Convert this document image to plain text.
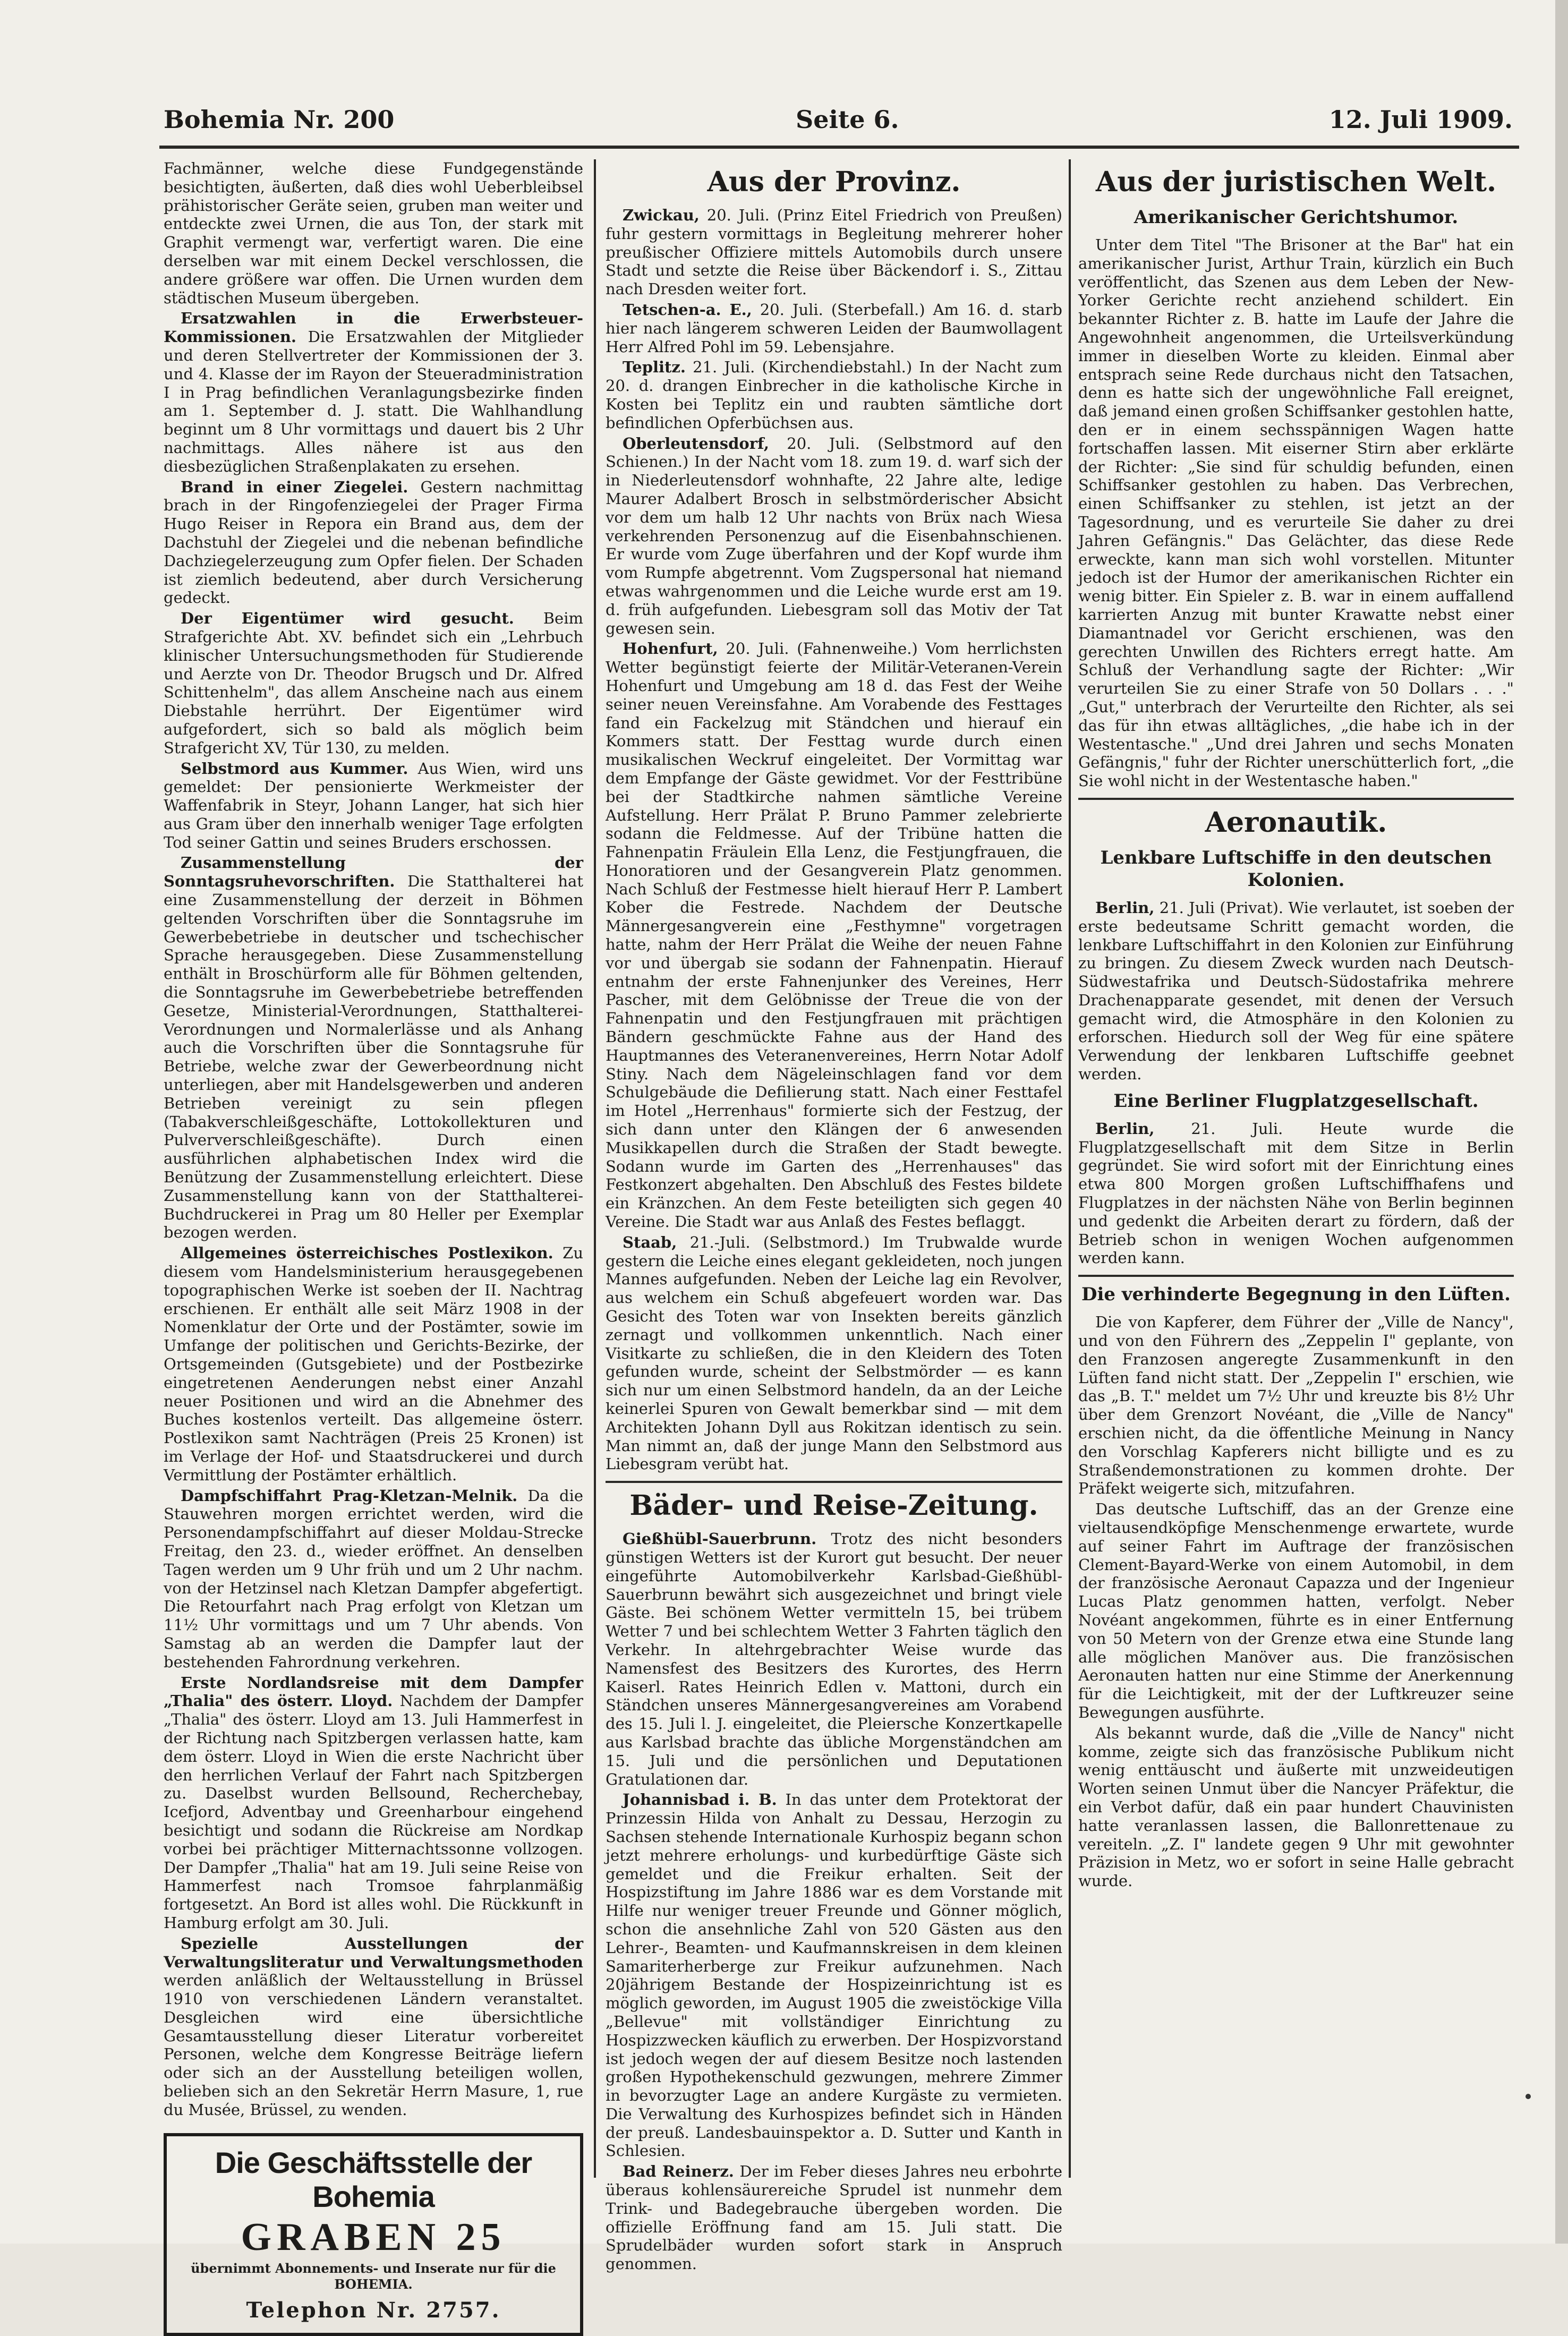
Bohemia Nr. 200	Seite 6.	12. Juli 1909.

Fachmänner, welche diese Fundgegenstände besichtigten, äußerten, daß dies wohl Ueberbleibsel prähistorischer Geräte seien, gruben man weiter und entdeckte zwei Urnen, die aus Ton, der stark mit Graphit vermengt war, verfertigt waren. Die eine derselben war mit einem Deckel verschlossen, die andere größere war offen. Die Urnen wurden dem städtischen Museum übergeben.

Ersatzwahlen in die Erwerbsteuer-Kommissionen. Die Ersatzwahlen der Mitglieder und deren Stellvertreter der Kommissionen der 3. und 4. Klasse der im Rayon der Steueradministration I in Prag befindlichen Veranlagungsbezirke finden am 1. September d. J. statt. Die Wahlhandlung beginnt um 8 Uhr vormittags und dauert bis 2 Uhr nachmittags. Alles nähere ist aus den diesbezüglichen Straßenplakaten zu ersehen.

Brand in einer Ziegelei. Gestern nachmittag brach in der Ringofenziegelei der Prager Firma Hugo Reiser in Repora ein Brand aus, dem der Dachstuhl der Ziegelei und die nebenan befindliche Dachziegelerzeugung zum Opfer fielen. Der Schaden ist ziemlich bedeutend, aber durch Versicherung gedeckt.

Der Eigentümer wird gesucht. Beim Strafgerichte Abt. XV. befindet sich ein „Lehrbuch klinischer Untersuchungsmethoden für Studierende und Aerzte von Dr. Theodor Brugsch und Dr. Alfred Schittenhelm", das allem Anscheine nach aus einem Diebstahle herrührt. Der Eigentümer wird aufgefordert, sich so bald als möglich beim Strafgericht XV, Tür 130, zu melden.

Selbstmord aus Kummer. Aus Wien, wird uns gemeldet: Der pensionierte Werkmeister der Waffenfabrik in Steyr, Johann Langer, hat sich hier aus Gram über den innerhalb weniger Tage erfolgten Tod seiner Gattin und seines Bruders erschossen.

Zusammenstellung der Sonntagsruhevorschriften. Die Statthalterei hat eine Zusammenstellung der derzeit in Böhmen geltenden Vorschriften über die Sonntagsruhe im Gewerbebetriebe in deutscher und tschechischer Sprache herausgegeben. Diese Zusammenstellung enthält in Broschürform alle für Böhmen geltenden, die Sonntagsruhe im Gewerbebetriebe betreffenden Gesetze, Ministerial-Verordnungen, Statthalterei-Verordnungen und Normalerlässe und als Anhang auch die Vorschriften über die Sonntagsruhe für Betriebe, welche zwar der Gewerbeordnung nicht unterliegen, aber mit Handelsgewerben und anderen Betrieben vereinigt zu sein pflegen (Tabakverschleißgeschäfte, Lottokollekturen und Pulververschleißgeschäfte). Durch einen ausführlichen alphabetischen Index wird die Benützung der Zusammenstellung erleichtert. Diese Zusammenstellung kann von der Statthalterei-Buchdruckerei in Prag um 80 Heller per Exemplar bezogen werden.

Allgemeines österreichisches Postlexikon. Zu diesem vom Handelsministerium herausgegebenen topographischen Werke ist soeben der II. Nachtrag erschienen. Er enthält alle seit März 1908 in der Nomenklatur der Orte und der Postämter, sowie im Umfange der politischen und Gerichts-Bezirke, der Ortsgemeinden (Gutsgebiete) und der Postbezirke eingetretenen Aenderungen nebst einer Anzahl neuer Positionen und wird an die Abnehmer des Buches kostenlos verteilt. Das allgemeine österr. Postlexikon samt Nachträgen (Preis 25 Kronen) ist im Verlage der Hof- und Staatsdruckerei und durch Vermittlung der Postämter erhältlich.

Dampfschiffahrt Prag-Kletzan-Melnik. Da die Stauwehren morgen errichtet werden, wird die Personendampfschiffahrt auf dieser Moldau-Strecke Freitag, den 23. d., wieder eröffnet. An denselben Tagen werden um 9 Uhr früh und um 2 Uhr nachm. von der Hetzinsel nach Kletzan Dampfer abgefertigt. Die Retourfahrt nach Prag erfolgt von Kletzan um 11½ Uhr vormittags und um 7 Uhr abends. Von Samstag ab an werden die Dampfer laut der bestehenden Fahrordnung verkehren.

Erste Nordlandsreise mit dem Dampfer „Thalia" des österr. Lloyd. Nachdem der Dampfer „Thalia" des österr. Lloyd am 13. Juli Hammerfest in der Richtung nach Spitzbergen verlassen hatte, kam dem österr. Lloyd in Wien die erste Nachricht über den herrlichen Verlauf der Fahrt nach Spitzbergen zu. Daselbst wurden Bellsound, Recherchebay, Icefjord, Adventbay und Greenharbour eingehend besichtigt und sodann die Rückreise am Nordkap vorbei bei prächtiger Mitternachtssonne vollzogen. Der Dampfer „Thalia" hat am 19. Juli seine Reise von Hammerfest nach Tromsoe fahrplanmäßig fortgesetzt. An Bord ist alles wohl. Die Rückkunft in Hamburg erfolgt am 30. Juli.

Spezielle Ausstellungen der Verwaltungsliteratur und Verwaltungsmethoden werden anläßlich der Weltausstellung in Brüssel 1910 von verschiedenen Ländern veranstaltet. Desgleichen wird eine übersichtliche Gesamtausstellung dieser Literatur vorbereitet Personen, welche dem Kongresse Beiträge liefern oder sich an der Ausstellung beteiligen wollen, belieben sich an den Sekretär Herrn Masure, 1, rue du Musée, Brüssel, zu wenden.

Die Geschäftsstelle der Bohemia
GRABEN 25
übernimmt Abonnements- und Inserate nur für die BOHEMIA.
Telephon Nr. 2757.
Aus der Provinz.

Zwickau, 20. Juli. (Prinz Eitel Friedrich von Preußen) fuhr gestern vormittags in Begleitung mehrerer hoher preußischer Offiziere mittels Automobils durch unsere Stadt und setzte die Reise über Bäckendorf i. S., Zittau nach Dresden weiter fort.

Tetschen-a. E., 20. Juli. (Sterbefall.) Am 16. d. starb hier nach längerem schweren Leiden der Baumwollagent Herr Alfred Pohl im 59. Lebensjahre.

Teplitz. 21. Juli. (Kirchendiebstahl.) In der Nacht zum 20. d. drangen Einbrecher in die katholische Kirche in Kosten bei Teplitz ein und raubten sämtliche dort befindlichen Opferbüchsen aus.

Oberleutensdorf, 20. Juli. (Selbstmord auf den Schienen.) In der Nacht vom 18. zum 19. d. warf sich der in Niederleutensdorf wohnhafte, 22 Jahre alte, ledige Maurer Adalbert Brosch in selbstmörderischer Absicht vor dem um halb 12 Uhr nachts von Brüx nach Wiesa verkehrenden Personenzug auf die Eisenbahnschienen. Er wurde vom Zuge überfahren und der Kopf wurde ihm vom Rumpfe abgetrennt. Vom Zugspersonal hat niemand etwas wahrgenommen und die Leiche wurde erst am 19. d. früh aufgefunden. Liebesgram soll das Motiv der Tat gewesen sein.

Hohenfurt, 20. Juli. (Fahnenweihe.) Vom herrlichsten Wetter begünstigt feierte der Militär-Veteranen-Verein Hohenfurt und Umgebung am 18 d. das Fest der Weihe seiner neuen Vereinsfahne. Am Vorabende des Festtages fand ein Fackelzug mit Ständchen und hierauf ein Kommers statt. Der Festtag wurde durch einen musikalischen Weckruf eingeleitet. Der Vormittag war dem Empfange der Gäste gewidmet. Vor der Festtribüne bei der Stadtkirche nahmen sämtliche Vereine Aufstellung. Herr Prälat P. Bruno Pammer zelebrierte sodann die Feldmesse. Auf der Tribüne hatten die Fahnenpatin Fräulein Ella Lenz, die Festjungfrauen, die Honoratioren und der Gesangverein Platz genommen. Nach Schluß der Festmesse hielt hierauf Herr P. Lambert Kober die Festrede. Nachdem der Deutsche Männergesangverein eine „Festhymne" vorgetragen hatte, nahm der Herr Prälat die Weihe der neuen Fahne vor und übergab sie sodann der Fahnenpatin. Hierauf entnahm der erste Fahnenjunker des Vereines, Herr Pascher, mit dem Gelöbnisse der Treue die von der Fahnenpatin und den Festjungfrauen mit prächtigen Bändern geschmückte Fahne aus der Hand des Hauptmannes des Veteranenvereines, Herrn Notar Adolf Stiny. Nach dem Nägeleinschlagen fand vor dem Schulgebäude die Defilierung statt. Nach einer Festtafel im Hotel „Herrenhaus" formierte sich der Festzug, der sich dann unter den Klängen der 6 anwesenden Musikkapellen durch die Straßen der Stadt bewegte. Sodann wurde im Garten des „Herrenhauses" das Festkonzert abgehalten. Den Abschluß des Festes bildete ein Kränzchen. An dem Feste beteiligten sich gegen 40 Vereine. Die Stadt war aus Anlaß des Festes beflaggt.

Staab, 21.-Juli. (Selbstmord.) Im Trubwalde wurde gestern die Leiche eines elegant gekleideten, noch jungen Mannes aufgefunden. Neben der Leiche lag ein Revolver, aus welchem ein Schuß abgefeuert worden war. Das Gesicht des Toten war von Insekten bereits gänzlich zernagt und vollkommen unkenntlich. Nach einer Visitkarte zu schließen, die in den Kleidern des Toten gefunden wurde, scheint der Selbstmörder — es kann sich nur um einen Selbstmord handeln, da an der Leiche keinerlei Spuren von Gewalt bemerkbar sind — mit dem Architekten Johann Dyll aus Rokitzan identisch zu sein. Man nimmt an, daß der junge Mann den Selbstmord aus Liebesgram verübt hat.

Bäder- und Reise-Zeitung.

Gießhübl-Sauerbrunn. Trotz des nicht besonders günstigen Wetters ist der Kurort gut besucht. Der neuer eingeführte Automobilverkehr Karlsbad-Gießhübl-Sauerbrunn bewährt sich ausgezeichnet und bringt viele Gäste. Bei schönem Wetter vermitteln 15, bei trübem Wetter 7 und bei schlechtem Wetter 3 Fahrten täglich den Verkehr. In altehrgebrachter Weise wurde das Namensfest des Besitzers des Kurortes, des Herrn Kaiserl. Rates Heinrich Edlen v. Mattoni, durch ein Ständchen unseres Männergesangvereines am Vorabend des 15. Juli l. J. eingeleitet, die Pleiersche Konzertkapelle aus Karlsbad brachte das übliche Morgenständchen am 15. Juli und die persönlichen und Deputationen Gratulationen dar.

Johannisbad i. B. In das unter dem Protektorat der Prinzessin Hilda von Anhalt zu Dessau, Herzogin zu Sachsen stehende Internationale Kurhospiz begann schon jetzt mehrere erholungs- und kurbedürftige Gäste sich gemeldet und die Freikur erhalten. Seit der Hospizstiftung im Jahre 1886 war es dem Vorstande mit Hilfe nur weniger treuer Freunde und Gönner möglich, schon die ansehnliche Zahl von 520 Gästen aus den Lehrer-, Beamten- und Kaufmannskreisen in dem kleinen Samariterherberge zur Freikur aufzunehmen. Nach 20jährigem Bestande der Hospizeinrichtung ist es möglich geworden, im August 1905 die zweistöckige Villa „Bellevue" mit vollständiger Einrichtung zu Hospizzwecken käuflich zu erwerben. Der Hospizvorstand ist jedoch wegen der auf diesem Besitze noch lastenden großen Hypothekenschuld gezwungen, mehrere Zimmer in bevorzugter Lage an andere Kurgäste zu vermieten. Die Verwaltung des Kurhospizes befindet sich in Händen der preuß. Landesbauinspektor a. D. Sutter und Kanth in Schlesien.

Bad Reinerz. Der im Feber dieses Jahres neu erbohrte überaus kohlensäurereiche Sprudel ist nunmehr dem Trink- und Badegebrauche übergeben worden. Die offizielle Eröffnung fand am 15. Juli statt. Die Sprudelbäder wurden sofort stark in Anspruch genommen.

Aus der juristischen Welt.
Amerikanischer Gerichtshumor.

Unter dem Titel "The Brisoner at the Bar" hat ein amerikanischer Jurist, Arthur Train, kürzlich ein Buch veröffentlicht, das Szenen aus dem Leben der New-Yorker Gerichte recht anziehend schildert. Ein bekannter Richter z. B. hatte im Laufe der Jahre die Angewohnheit angenommen, die Urteilsverkündung immer in dieselben Worte zu kleiden. Einmal aber entsprach seine Rede durchaus nicht den Tatsachen, denn es hatte sich der ungewöhnliche Fall ereignet, daß jemand einen großen Schiffsanker gestohlen hatte, den er in einem sechsspännigen Wagen hatte fortschaffen lassen. Mit eiserner Stirn aber erklärte der Richter: „Sie sind für schuldig befunden, einen Schiffsanker gestohlen zu haben. Das Verbrechen, einen Schiffsanker zu stehlen, ist jetzt an der Tagesordnung, und es verurteile Sie daher zu drei Jahren Gefängnis." Das Gelächter, das diese Rede erweckte, kann man sich wohl vorstellen. Mitunter jedoch ist der Humor der amerikanischen Richter ein wenig bitter. Ein Spieler z. B. war in einem auffallend karrierten Anzug mit bunter Krawatte nebst einer Diamantnadel vor Gericht erschienen, was den gerechten Unwillen des Richters erregt hatte. Am Schluß der Verhandlung sagte der Richter: „Wir verurteilen Sie zu einer Strafe von 50 Dollars . . ." „Gut," unterbrach der Verurteilte den Richter, als sei das für ihn etwas alltägliches, „die habe ich in der Westentasche." „Und drei Jahren und sechs Monaten Gefängnis," fuhr der Richter unerschütterlich fort, „die Sie wohl nicht in der Westentasche haben."

Aeronautik.
Lenkbare Luftschiffe in den deutschen Kolonien.

Berlin, 21. Juli (Privat). Wie verlautet, ist soeben der erste bedeutsame Schritt gemacht worden, die lenkbare Luftschiffahrt in den Kolonien zur Einführung zu bringen. Zu diesem Zweck wurden nach Deutsch-Südwestafrika und Deutsch-Südostafrika mehrere Drachenapparate gesendet, mit denen der Versuch gemacht wird, die Atmosphäre in den Kolonien zu erforschen. Hiedurch soll der Weg für eine spätere Verwendung der lenkbaren Luftschiffe geebnet werden.

Eine Berliner Flugplatzgesellschaft.

Berlin, 21. Juli. Heute wurde die Flugplatzgesellschaft mit dem Sitze in Berlin gegründet. Sie wird sofort mit der Einrichtung eines etwa 800 Morgen großen Luftschiffhafens und Flugplatzes in der nächsten Nähe von Berlin beginnen und gedenkt die Arbeiten derart zu fördern, daß der Betrieb schon in wenigen Wochen aufgenommen werden kann.

Die verhinderte Begegnung in den Lüften.

Die von Kapferer, dem Führer der „Ville de Nancy", und von den Führern des „Zeppelin I" geplante, von den Franzosen angeregte Zusammenkunft in den Lüften fand nicht statt. Der „Zeppelin I" erschien, wie das „B. T." meldet um 7½ Uhr und kreuzte bis 8½ Uhr über dem Grenzort Novéant, die „Ville de Nancy" erschien nicht, da die öffentliche Meinung in Nancy den Vorschlag Kapferers nicht billigte und es zu Straßendemonstrationen zu kommen drohte. Der Präfekt weigerte sich, mitzufahren.

Das deutsche Luftschiff, das an der Grenze eine vieltausendköpfige Menschenmenge erwartete, wurde auf seiner Fahrt im Auftrage der französischen Clement-Bayard-Werke von einem Automobil, in dem der französische Aeronaut Capazza und der Ingenieur Lucas Platz genommen hatten, verfolgt. Neber Novéant angekommen, führte es in einer Entfernung von 50 Metern von der Grenze etwa eine Stunde lang alle möglichen Manöver aus. Die französischen Aeronauten hatten nur eine Stimme der Anerkennung für die Leichtigkeit, mit der der Luftkreuzer seine Bewegungen ausführte.

Als bekannt wurde, daß die „Ville de Nancy" nicht komme, zeigte sich das französische Publikum nicht wenig enttäuscht und äußerte mit unzweideutigen Worten seinen Unmut über die Nancyer Präfektur, die ein Verbot dafür, daß ein paar hundert Chauvinisten hatte veranlassen lassen, die Ballonrettenaue zu vereiteln. „Z. I" landete gegen 9 Uhr mit gewohnter Präzision in Metz, wo er sofort in seine Halle gebracht wurde.
